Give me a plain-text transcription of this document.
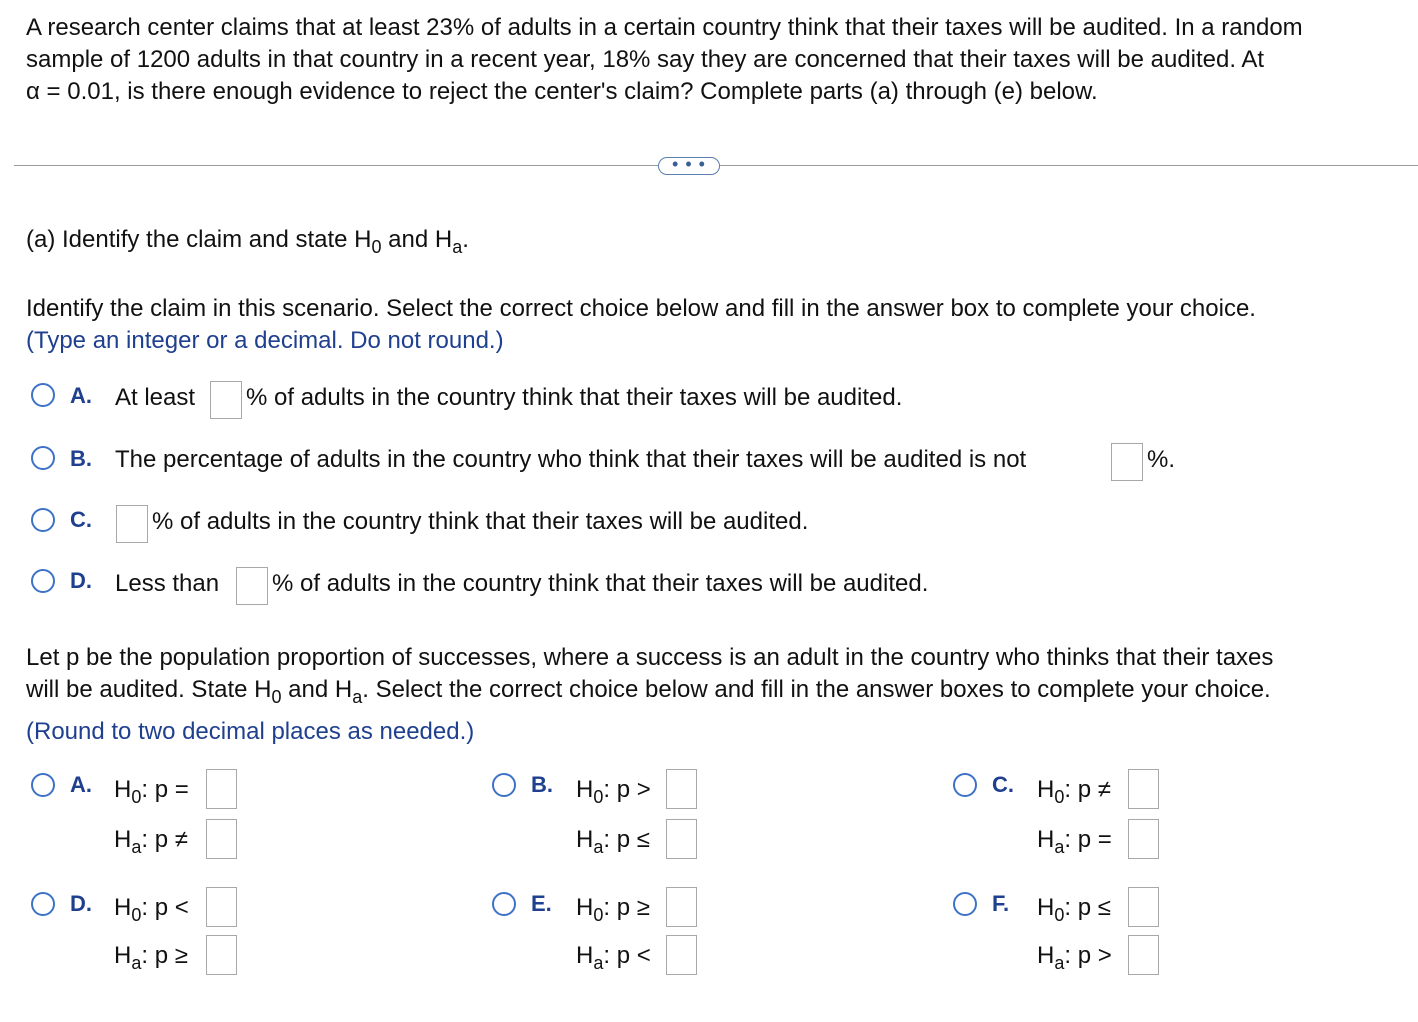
A research center claims that at least 23% of adults in a certain country think that their taxes will be audited. In a random
sample of 1200 adults in that country in a recent year, 18% say they are concerned that their taxes will be audited. At
α = 0.01, is there enough evidence to reject the center's claim? Complete parts (a) through (e) below.
• • •
(a) Identify the claim and state $H_0$ and $H_a$.
Identify the claim in this scenario. Select the correct choice below and fill in the answer box to complete your choice.
(Type an integer or a decimal. Do not round.)
A. At least % of adults in the country think that their taxes will be audited.
B. The percentage of adults in the country who think that their taxes will be audited is not	%.
C.	% of adults in the country think that their taxes will be audited.
D. Less than % of adults in the country think that their taxes will be audited.
Let p be the population proportion of successes, where a success is an adult in the country who thinks that their taxes
will be audited. State $H_0$ and $H_a$. Select the correct choice below and fill in the answer boxes to complete your choice.
(Round to two decimal places as needed.)
A. $H_0$: p =
$H_a$: p ≠
B. $H_0$: p >
$H_a$: p ≤
C. $H_0$: p ≠
$H_a$: p =
D. $H_0$: p <
$H_a$: p ≥
E. $H_0$: p ≥
$H_a$: p <
F. $H_0$: p ≤
$H_a$: p >
